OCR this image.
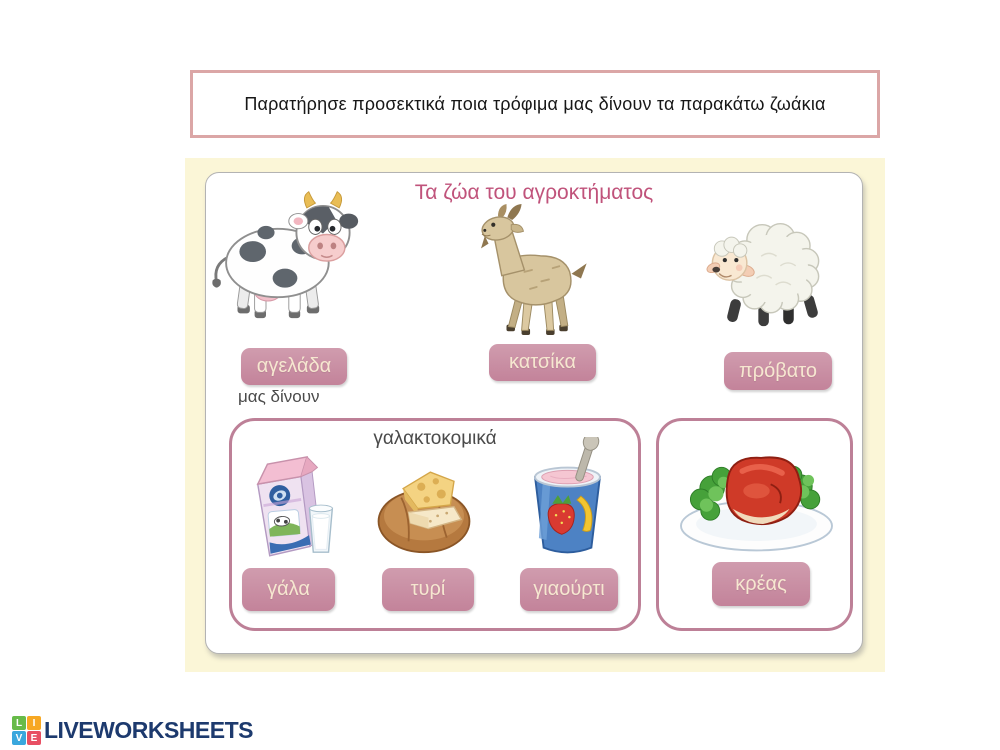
Παρατήρησε προσεκτικά ποια τρόφιμα μας δίνουν τα παρακάτω ζωάκια
Τα ζώα του αγροκτήματος
αγελάδα	κατσίκα	πρόβατο
μας δίνουν
γαλακτοκομικά
γάλα	τυρί	γιαούρτι	κρέας
L	I
V E LIVEWORKSHEETS
